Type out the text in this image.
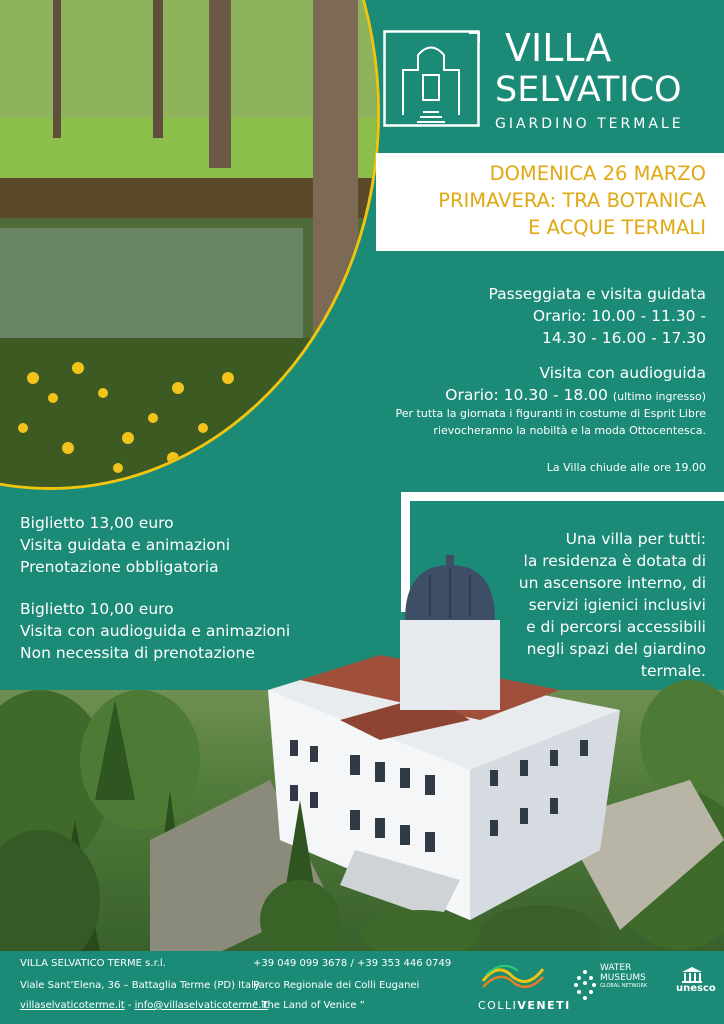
VILLA
SELVATICO
GIARDINO TERMALE
DOMENICA 26 MARZO
PRIMAVERA: TRA BOTANICA
E ACQUE TERMALI
Passeggiata e visita guidata
Orario: 10.00 - 11.30 -
14.30 - 16.00 - 17.30
Visita con audioguida
Orario: 10.30 - 18.00 (ultimo ingresso)
Per tutta la giornata i figuranti in costume di Esprit Libre
rievocheranno la nobiltà e la moda Ottocentesca.
La Villa chiude alle ore 19.00
Biglietto 13,00 euro
Visita guidata e animazioni
Prenotazione obbligatoria
Biglietto 10,00 euro
Visita con audioguida e animazioni
Non necessita di prenotazione
Una villa per tutti:
la residenza è dotata di
un ascensore interno, di
servizi igienici inclusivi
e di percorsi accessibili
negli spazi del giardino
termale.
VILLA SELVATICO TERME s.r.l.
Viale Sant’Elena, 36 – Battaglia Terme (PD) Italy
villaselvaticoterme.it - info@villaselvaticoterme.it
+39 049 099 3678 / +39 353 446 0749
Parco Regionale dei Colli Euganei
“ The Land of Venice ”	COLLIVENETI
WATER
MUSEUMS
GLOBAL NETWORK	unesco
